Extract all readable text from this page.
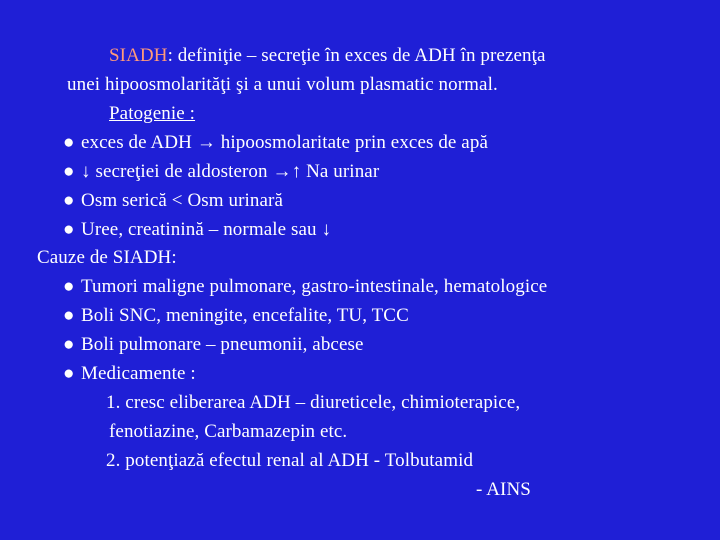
SIADH: definiţie – secreţie în exces de ADH în prezenţa
unei hipoosmolarităţi şi a unui volum plasmatic normal.
Patogenie :
● exces de ADH → hipoosmolaritate prin exces de apă
● ↓ secreţiei de aldosteron →↑ Na urinar
● Osm serică < Osm urinară
● Uree, creatinină – normale sau ↓
Cauze de SIADH:
● Tumori maligne pulmonare, gastro-intestinale, hematologice
● Boli SNC, meningite, encefalite, TU, TCC
● Boli pulmonare – pneumonii, abcese
● Medicamente :
1. cresc eliberarea ADH – diureticele, chimioterapice,
fenotiazine, Carbamazepin etc.
2. potenţiază efectul renal al ADH - Tolbutamid
- AINS
